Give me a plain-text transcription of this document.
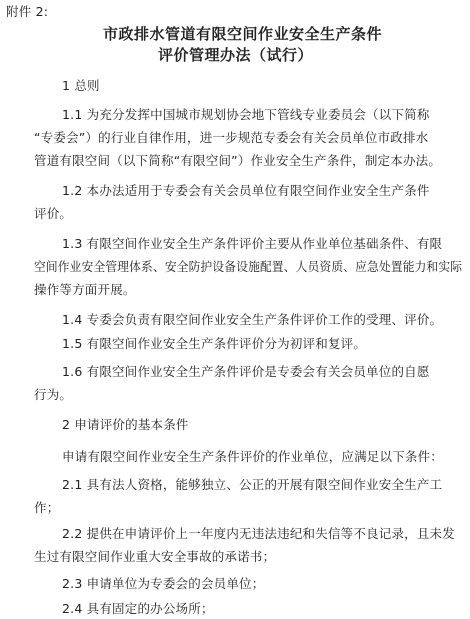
附件 2:
市政排水管道有限空间作业安全生产条件
评价管理办法（试行）
1 总则
1.1 为充分发挥中国城市规划协会地下管线专业委员会（以下简称
“专委会”）的行业自律作用，进一步规范专委会有关会员单位市政排水
管道有限空间（以下简称“有限空间”）作业安全生产条件，制定本办法。
1.2 本办法适用于专委会有关会员单位有限空间作业安全生产条件
评价。
1.3 有限空间作业安全生产条件评价主要从作业单位基础条件、有限
空间作业安全管理体系、安全防护设备设施配置、人员资质、应急处置能力和实际
操作等方面开展。
1.4 专委会负责有限空间作业安全生产条件评价工作的受理、评价。
1.5 有限空间作业安全生产条件评价分为初评和复评。
1.6 有限空间作业安全生产条件评价是专委会有关会员单位的自愿
行为。
2 申请评价的基本条件
申请有限空间作业安全生产条件评价的作业单位，应满足以下条件：
2.1 具有法人资格，能够独立、公正的开展有限空间作业安全生产工
作；
2.2 提供在申请评价上一年度内无违法违纪和失信等不良记录，且未发
生过有限空间作业重大安全事故的承诺书；
2.3 申请单位为专委会的会员单位；
2.4 具有固定的办公场所；
